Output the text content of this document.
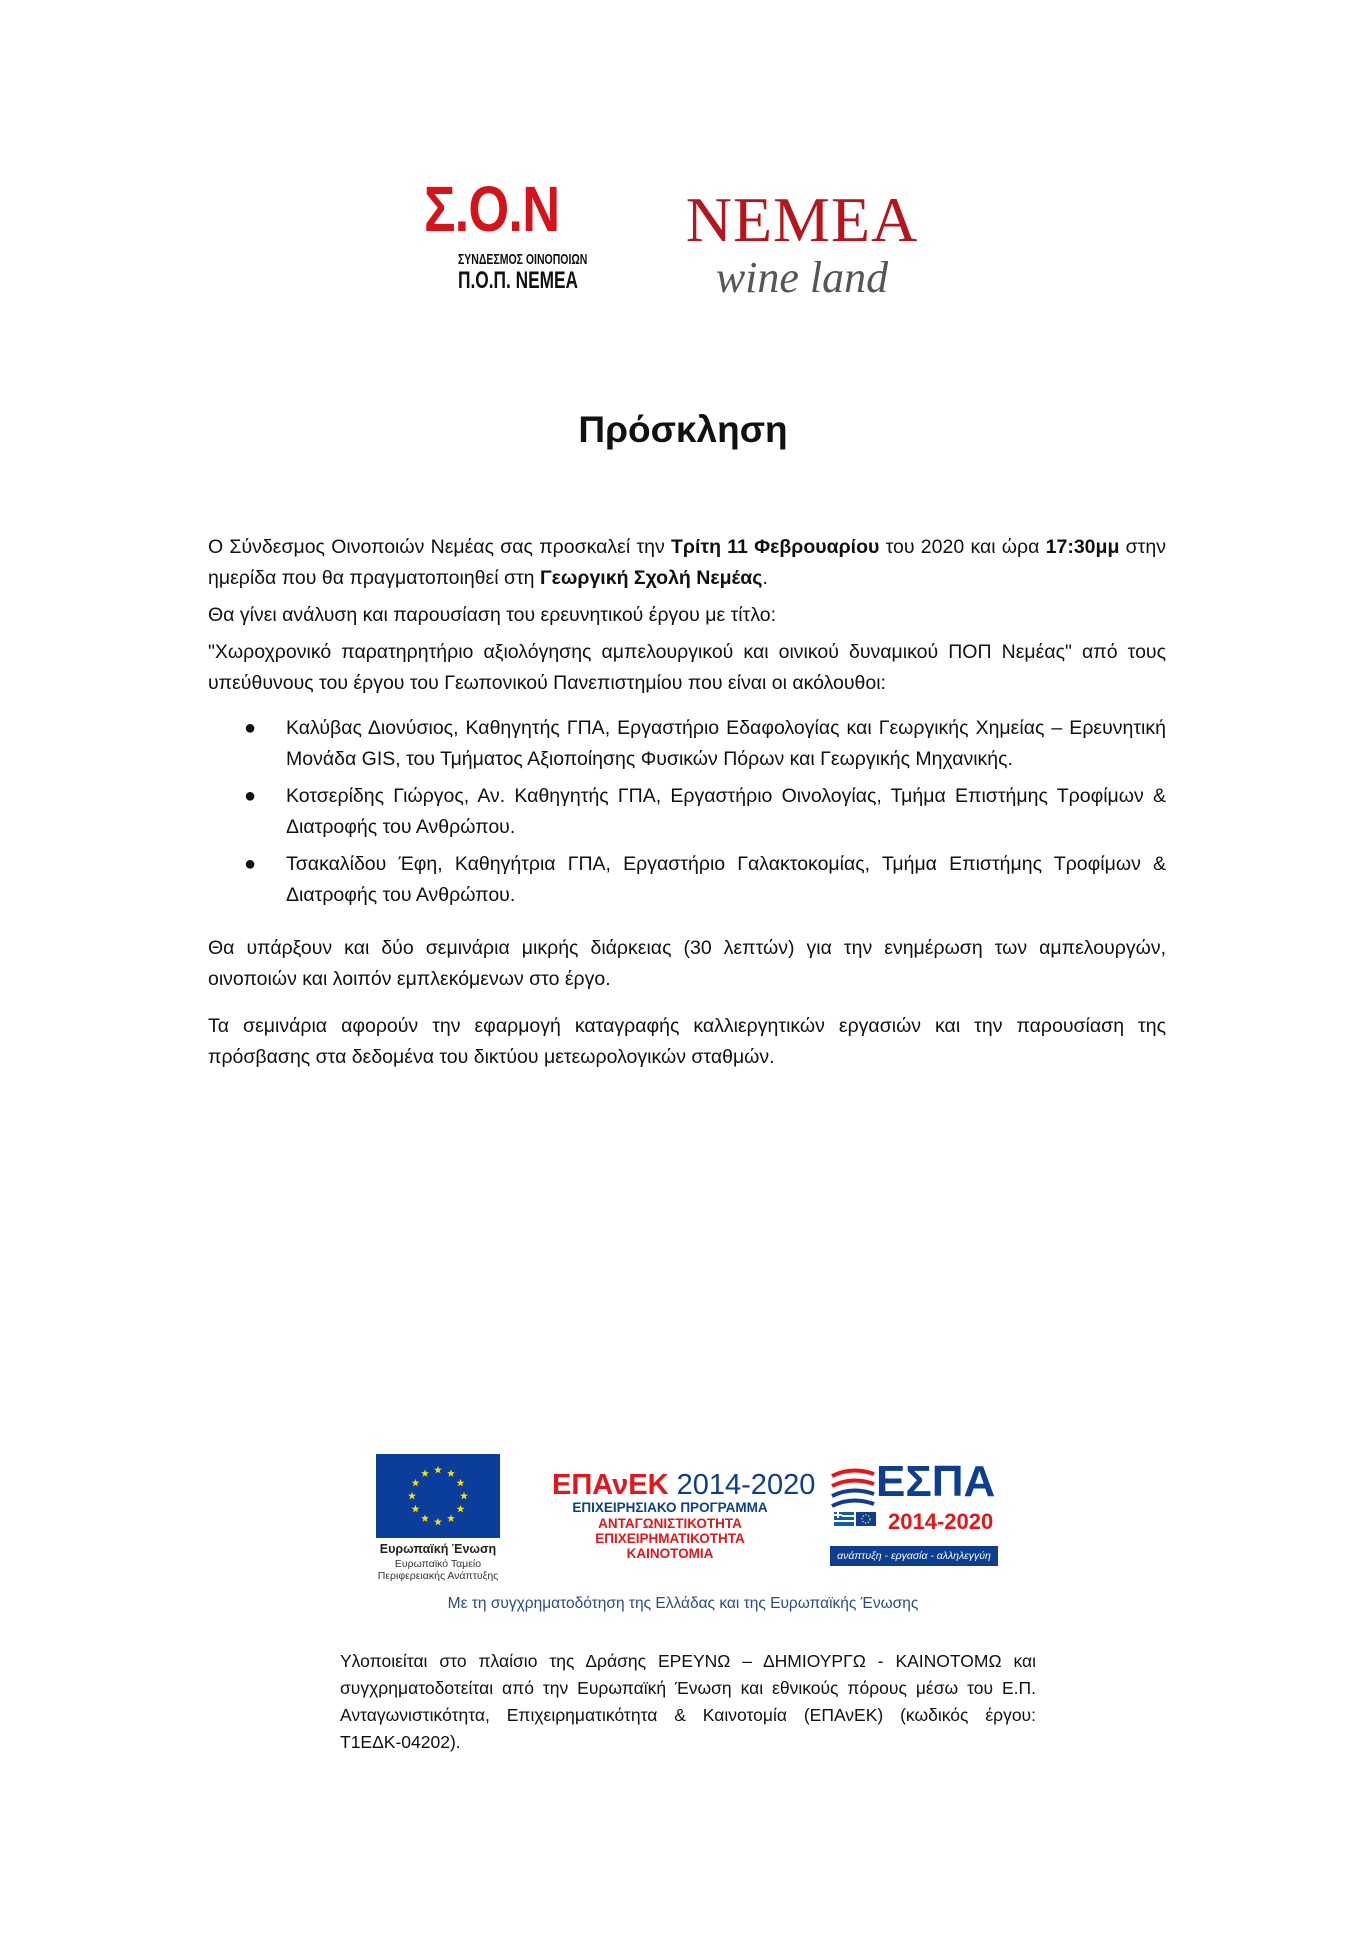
Σ.Ο.Ν
ΣΥΝΔΕΣΜΟΣ ΟΙΝΟΠΟΙΩΝ
Π.Ο.Π. ΝΕΜΕΑ
ΝΕΜΕΑ
wine land
Πρόσκληση

Ο Σύνδεσμος Οινοποιών Νεμέας σας προσκαλεί την Τρίτη 11 Φεβρουαρίου του 2020 και ώρα 17:30μμ στην ημερίδα που θα πραγματοποιηθεί στη Γεωργική Σχολή Νεμέας.

Θα γίνει ανάλυση και παρουσίαση του ερευνητικού έργου με τίτλο:

"Χωροχρονικό παρατηρητήριο αξιολόγησης αμπελουργικού και οινικού δυναμικού ΠΟΠ Νεμέας" από τους υπεύθυνους του έργου του Γεωπονικού Πανεπιστημίου που είναι οι ακόλουθοι:

● Καλύβας Διονύσιος, Καθηγητής ΓΠΑ, Εργαστήριο Εδαφολογίας και Γεωργικής Χημείας – Ερευνητική Μονάδα GIS, του Τμήματος Αξιοποίησης Φυσικών Πόρων και Γεωργικής Μηχανικής.
● Κοτσερίδης Γιώργος, Αν. Καθηγητής ΓΠΑ, Εργαστήριο Οινολογίας, Τμήμα Επιστήμης Τροφίμων & Διατροφής του Ανθρώπου.
● Τσακαλίδου Έφη, Καθηγήτρια ΓΠΑ, Εργαστήριο Γαλακτοκομίας, Τμήμα Επιστήμης Τροφίμων & Διατροφής του Ανθρώπου.

Θα υπάρξουν και δύο σεμινάρια μικρής διάρκειας (30 λεπτών) για την ενημέρωση των αμπελουργών, οινοποιών και λοιπόν εμπλεκόμενων στο έργο.

Τα σεμινάρια αφορούν την εφαρμογή καταγραφής καλλιεργητικών εργασιών και την παρουσίαση της πρόσβασης στα δεδομένα του δικτύου μετεωρολογικών σταθμών.

Ευρωπαϊκή Ένωση
Ευρωπαϊκό Ταμείο
Περιφερειακής Ανάπτυξης
ΕΠΑνΕΚ 2014-2020
ΕΠΙΧΕΙΡΗΣΙΑΚΟ ΠΡΟΓΡΑΜΜΑ
ΑΝΤΑΓΩΝΙΣΤΙΚΟΤΗΤΑ
ΕΠΙΧΕΙΡΗΜΑΤΙΚΟΤΗΤΑ
ΚΑΙΝΟΤΟΜΙΑ
ΕΣΠΑ
2014-2020
ανάπτυξη - εργασία - αλληλεγγύη
Με τη συγχρηματοδότηση της Ελλάδας και της Ευρωπαϊκής Ένωσης
Υλοποιείται στο πλαίσιο της Δράσης ΕΡΕΥΝΩ – ΔΗΜΙΟΥΡΓΩ - ΚΑΙΝΟΤΟΜΩ και συγχρηματοδοτείται από την Ευρωπαϊκή Ένωση και εθνικούς πόρους μέσω του Ε.Π. Ανταγωνιστικότητα, Επιχειρηματικότητα & Καινοτομία (ΕΠΑνΕΚ) (κωδικός έργου: Τ1ΕΔΚ-04202).
